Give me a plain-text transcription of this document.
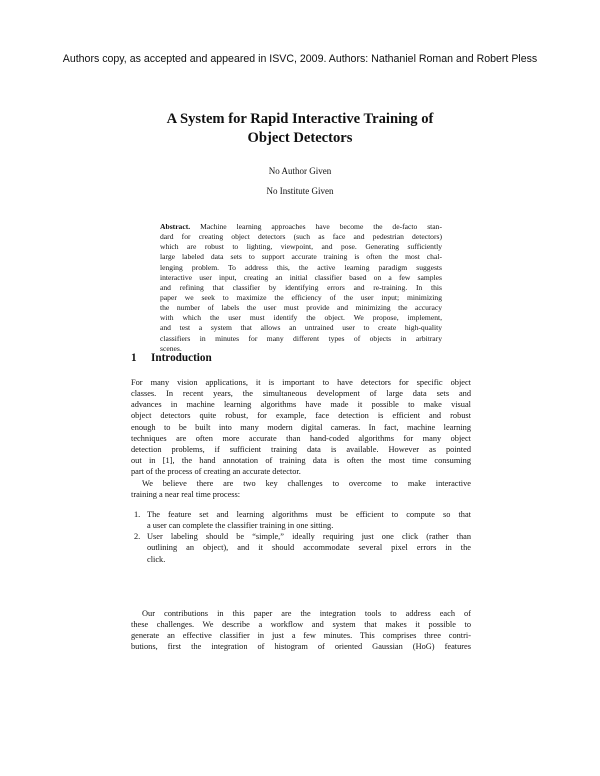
Authors copy, as accepted and appeared in ISVC, 2009. Authors: Nathaniel Roman and Robert Pless
A System for Rapid Interactive Training of
Object Detectors
No Author Given
No Institute Given
Abstract. Machine learning approaches have become the de-facto stan-
dard for creating object detectors (such as face and pedestrian detectors)
which are robust to lighting, viewpoint, and pose. Generating sufficiently
large labeled data sets to support accurate training is often the most chal-
lenging problem. To address this, the active learning paradigm suggests
interactive user input, creating an initial classifier based on a few samples
and refining that classifier by identifying errors and re-training. In this
paper we seek to maximize the efficiency of the user input; minimizing
the number of labels the user must provide and minimizing the accuracy
with which the user must identify the object. We propose, implement,
and test a system that allows an untrained user to create high-quality
classifiers in minutes for many different types of objects in arbitrary
scenes.
1 Introduction
For many vision applications, it is important to have detectors for specific object
classes. In recent years, the simultaneous development of large data sets and
advances in machine learning algorithms have made it possible to make visual
object detectors quite robust, for example, face detection is efficient and robust
enough to be built into many modern digital cameras. In fact, machine learning
techniques are often more accurate than hand-coded algorithms for many object
detection problems, if sufficient training data is available. However as pointed
out in [1], the hand annotation of training data is often the most time consuming
part of the process of creating an accurate detector.
We believe there are two key challenges to overcome to make interactive
training a near real time process:
1. The feature set and learning algorithms must be efficient to compute so that
a user can complete the classifier training in one sitting.
2. User labeling should be “simple,” ideally requiring just one click (rather than
outlining an object), and it should accommodate several pixel errors in the
click.
Our contributions in this paper are the integration tools to address each of
these challenges. We describe a workflow and system that makes it possible to
generate an effective classifier in just a few minutes. This comprises three contri-
butions, first the integration of histogram of oriented Gaussian (HoG) features
